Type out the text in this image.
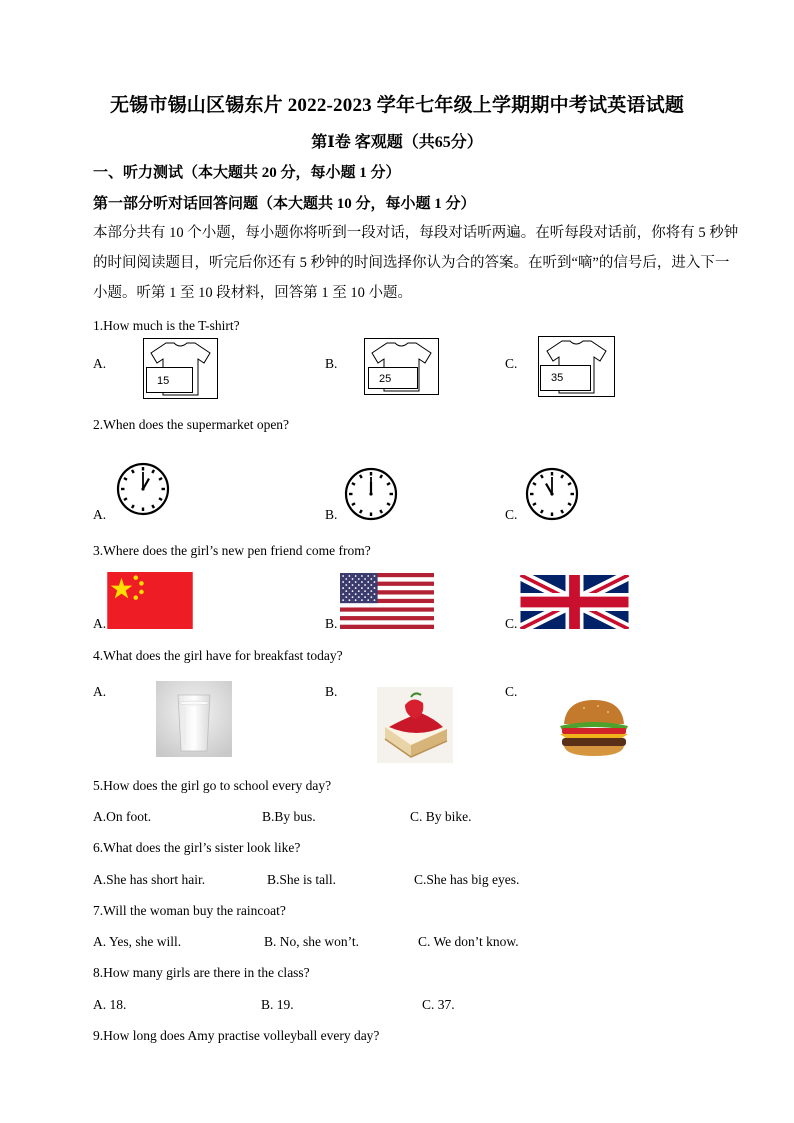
无锡市锡山区锡东片 2022-2023 学年七年级上学期期中考试英语试题
第Ⅰ卷 客观题（共65分）
一、听力测试（本大题共 20 分，每小题 1 分）
第一部分听对话回答问题（本大题共 10 分，每小题 1 分）
本部分共有 10 个小题，每小题你将听到一段对话，每段对话听两遍。在听每段对话前，你将有 5 秒钟的时间阅读题目，听完后你还有 5 秒钟的时间选择你认为合的答案。在听到“嘀”的信号后，进入下一小题。听第 1 至 10 段材料，回答第 1 至 10 小题。
1.How much is the T-shirt?
A.	B.	C.
15	25	35
2.When does the supermarket open?
A.	B.	C.
3.Where does the girl’s new pen friend come from?
A.	B.	C.
4.What does the girl have for breakfast today?
A.	B.	C.
5.How does the girl go to school every day?
A.On foot.	B.By bus.	C. By bike.
6.What does the girl’s sister look like?
A.She has short hair.	B.She is tall.	C.She has big eyes.
7.Will the woman buy the raincoat?
A. Yes, she will.	B. No, she won’t.	C. We don’t know.
8.How many girls are there in the class?
A. 18.	B. 19.	C. 37.
9.How long does Amy practise volleyball every day?
